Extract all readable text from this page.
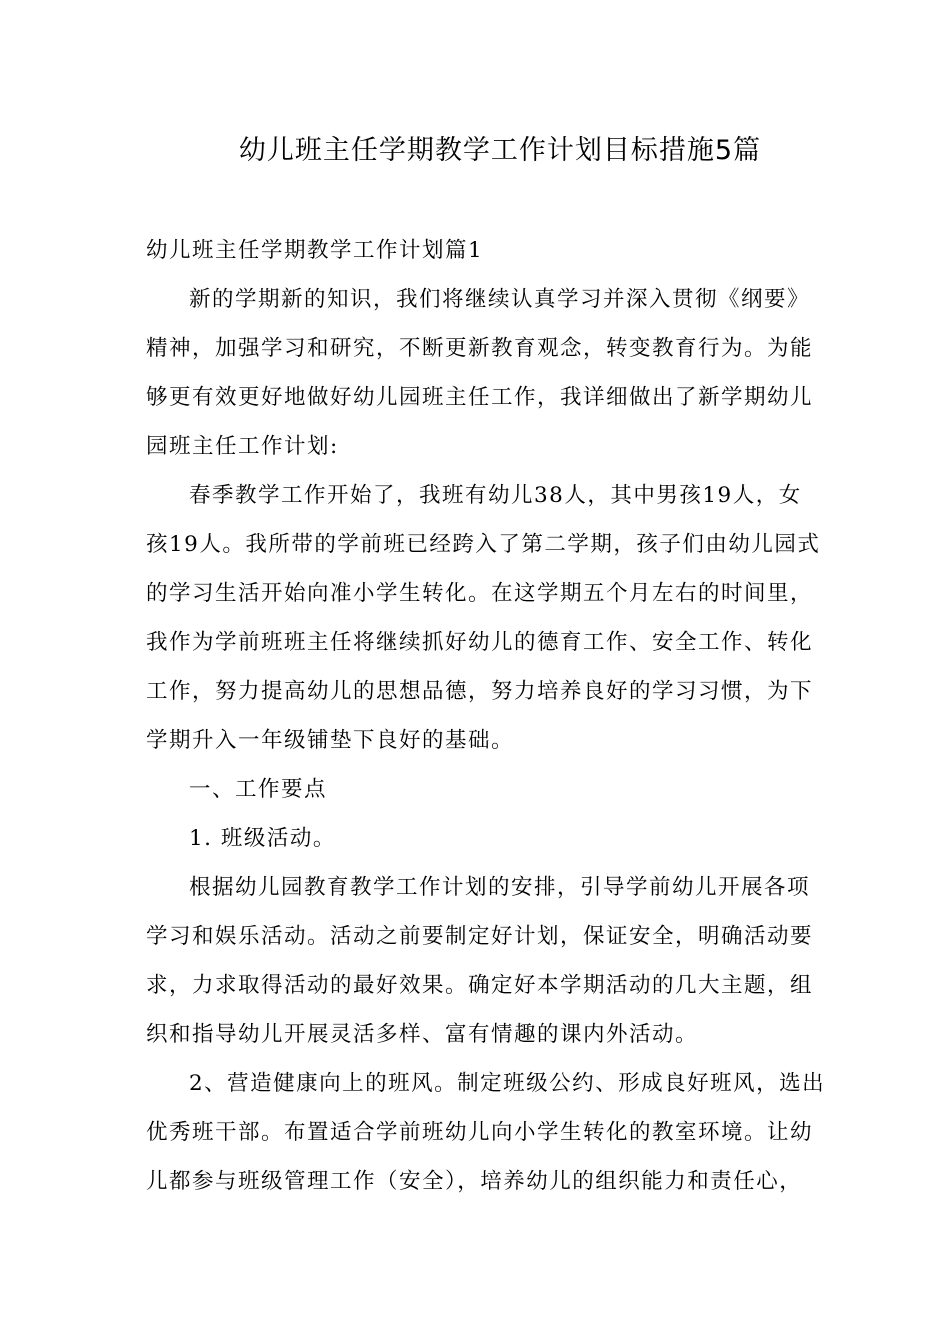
幼儿班主任学期教学工作计划目标措施5篇

幼儿班主任学期教学工作计划篇1

新的学期新的知识，我们将继续认真学习并深入贯彻《纲要》
精神，加强学习和研究，不断更新教育观念，转变教育行为。为能
够更有效更好地做好幼儿园班主任工作，我详细做出了新学期幼儿
园班主任工作计划:

春季教学工作开始了，我班有幼儿38人，其中男孩19人，女
孩19人。我所带的学前班已经跨入了第二学期，孩子们由幼儿园式
的学习生活开始向准小学生转化。在这学期五个月左右的时间里，
我作为学前班班主任将继续抓好幼儿的德育工作、安全工作、转化
工作，努力提高幼儿的思想品德，努力培养良好的学习习惯，为下
学期升入一年级铺垫下良好的基础。

一、工作要点

1. 班级活动。

根据幼儿园教育教学工作计划的安排，引导学前幼儿开展各项
学习和娱乐活动。活动之前要制定好计划，保证安全，明确活动要
求，力求取得活动的最好效果。确定好本学期活动的几大主题，组
织和指导幼儿开展灵活多样、富有情趣的课内外活动。

2、营造健康向上的班风。制定班级公约、形成良好班风，选出
优秀班干部。布置适合学前班幼儿向小学生转化的教室环境。让幼
儿都参与班级管理工作（安全），培养幼儿的组织能力和责任心，
